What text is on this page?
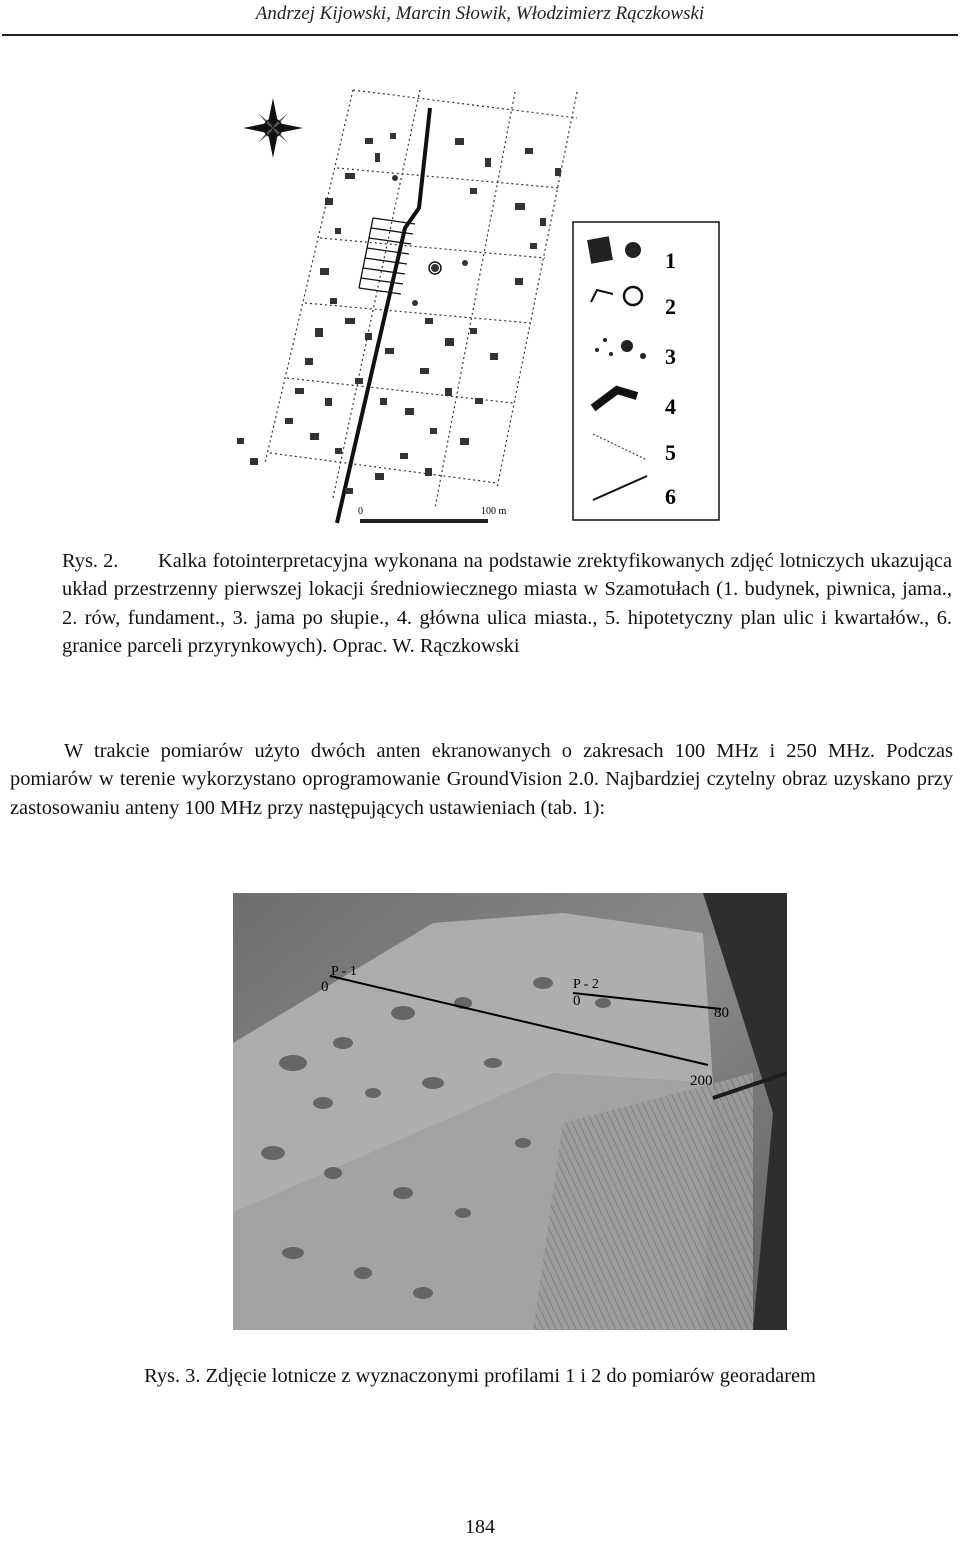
Andrzej Kijowski, Marcin Słowik, Włodzimierz Rączkowski
0	100 m
1
2
3
4
5
6
Rys. 2. Kalka fotointerpretacyjna wykonana na podstawie zrektyfikowanych zdjęć lotniczych ukazująca układ przestrzenny pierwszej lokacji średniowiecznego miasta w Szamotułach (1. budynek, piwnica, jama., 2. rów, fundament., 3. jama po słupie., 4. główna ulica miasta., 5. hipotetyczny plan ulic i kwartałów., 6. granice parceli przyrynkowych). Oprac. W. Rączkowski
W trakcie pomiarów użyto dwóch anten ekranowanych o zakresach 100 MHz i 250 MHz. Podczas pomiarów w terenie wykorzystano oprogramowanie GroundVision 2.0. Najbardziej czytelny obraz uzyskano przy zastosowaniu anteny 100 MHz przy następujących ustawieniach (tab. 1):
P - 1
0
200
P - 2
0
80
Rys. 3. Zdjęcie lotnicze z wyznaczonymi profilami 1 i 2 do pomiarów georadarem
184
